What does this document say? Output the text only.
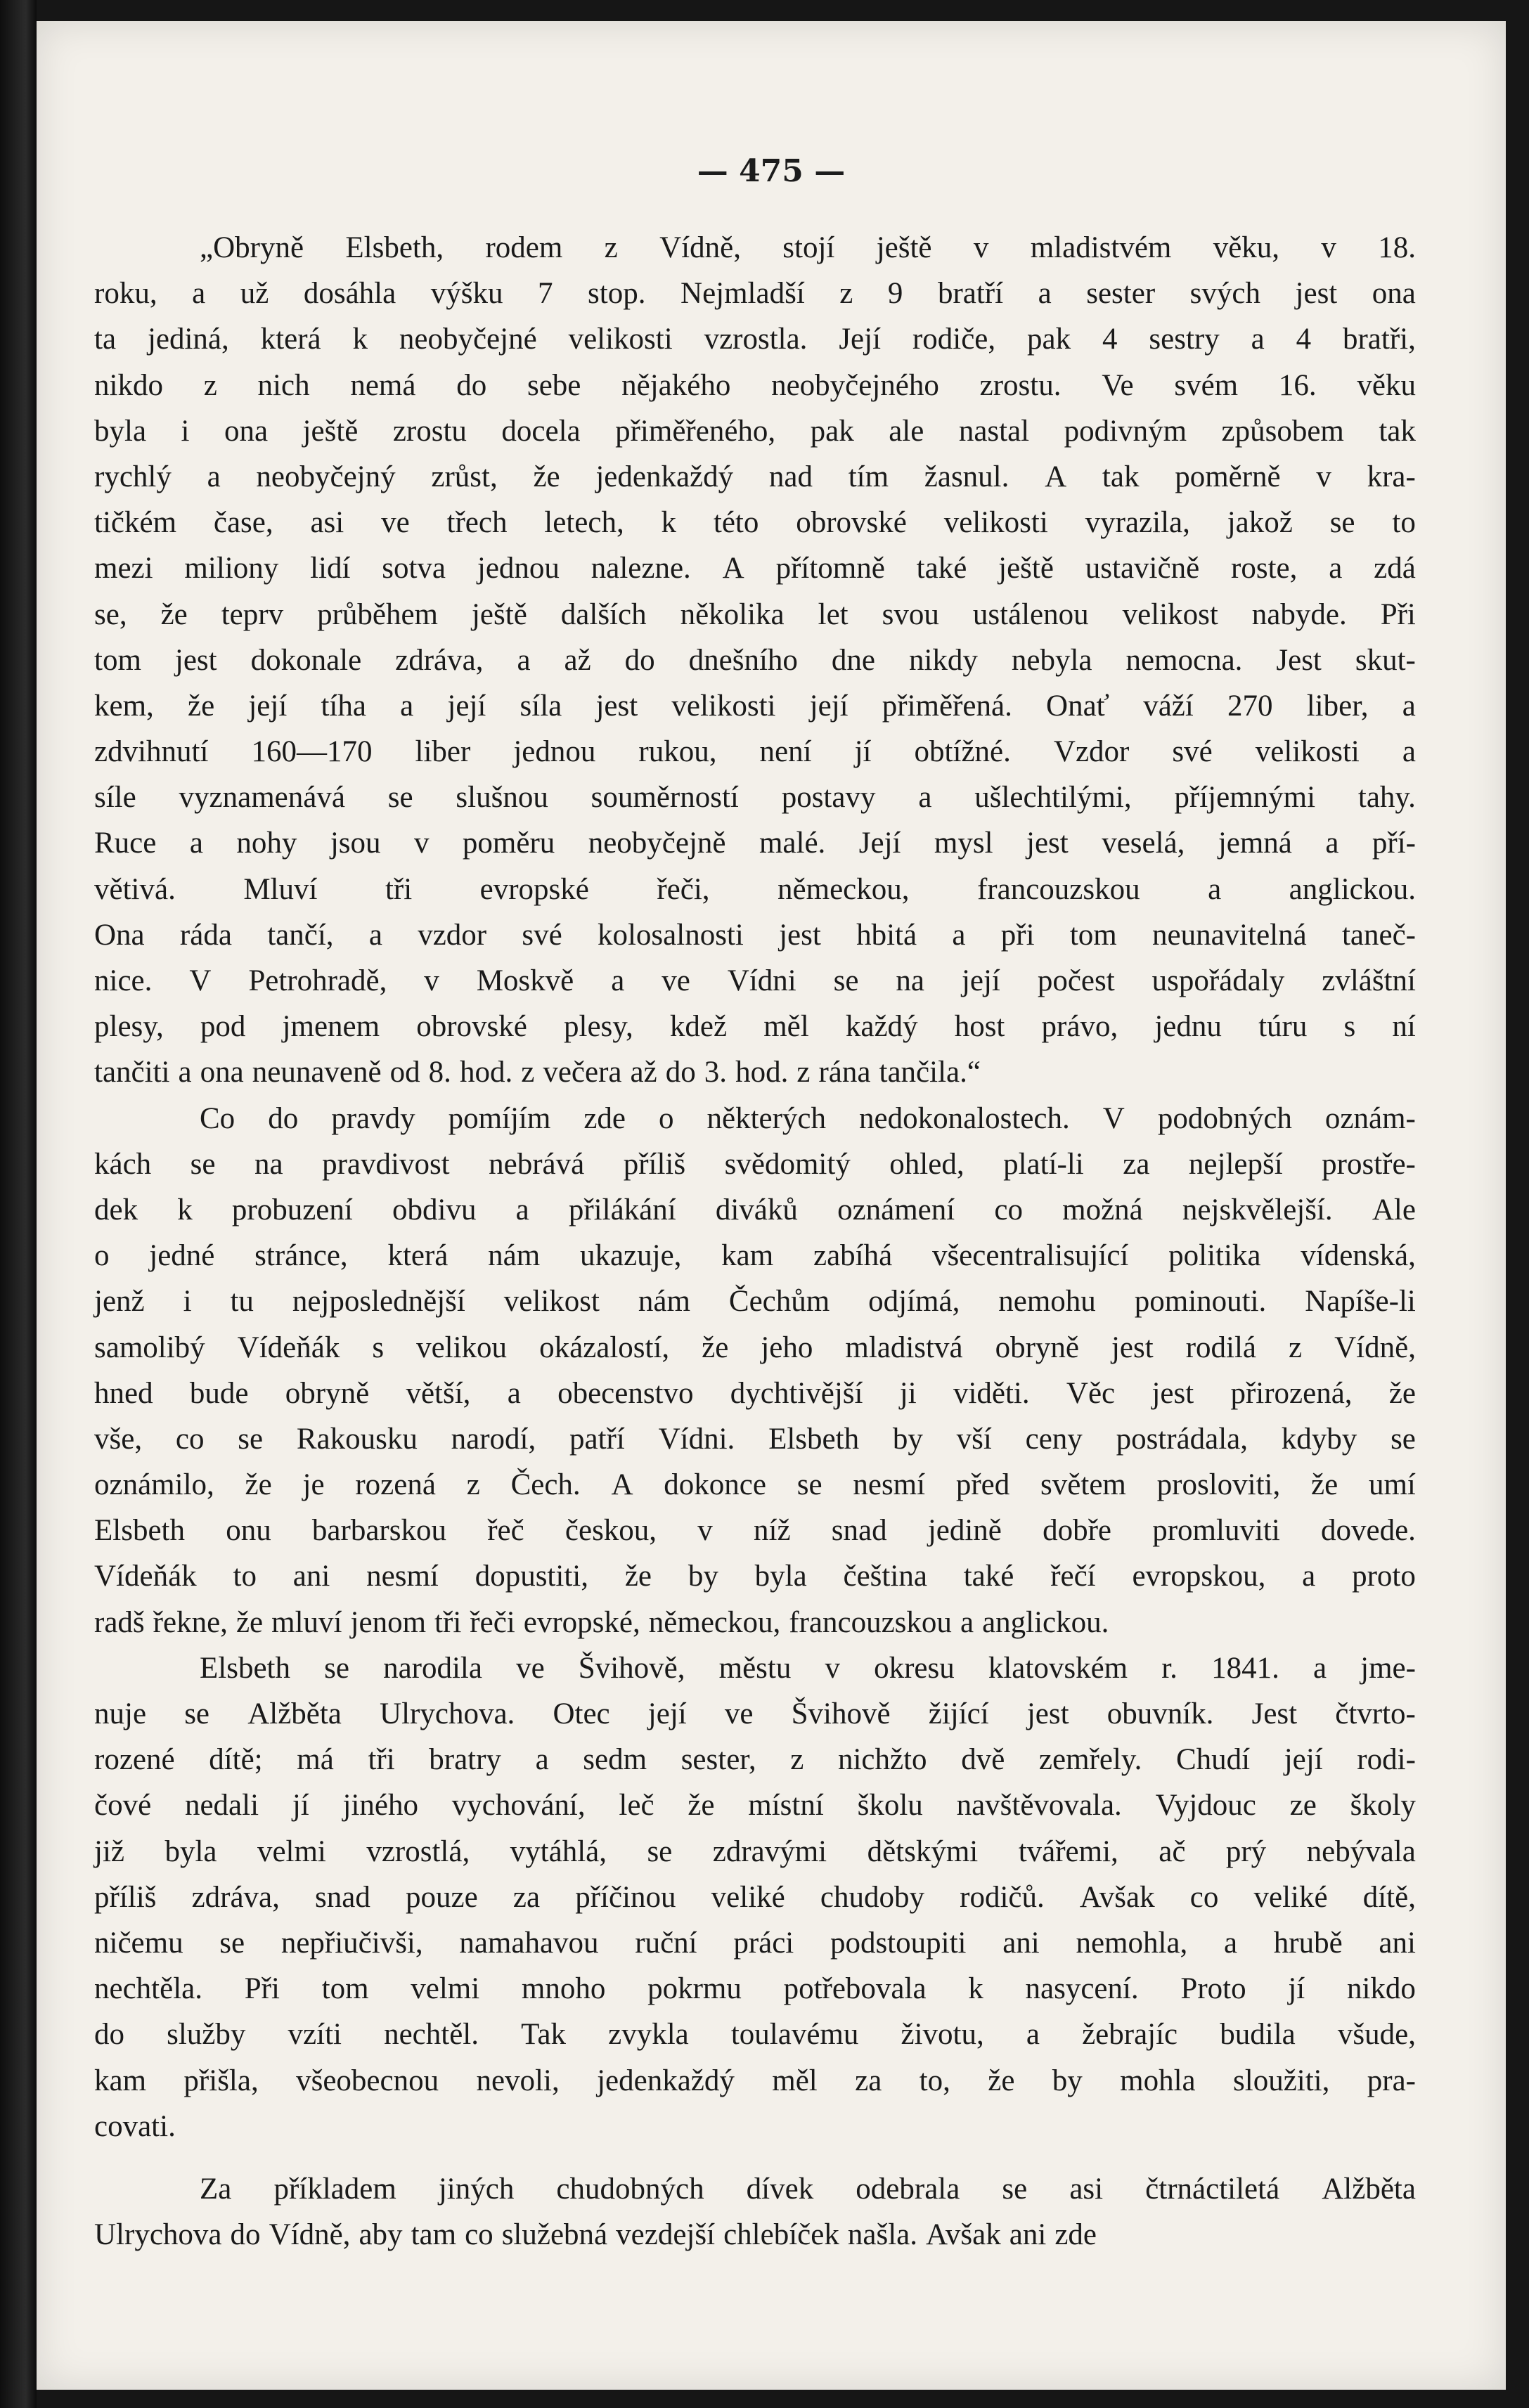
— 475 —
„Obryně Elsbeth, rodem z Vídně, stojí ještě v mladistvém věku, v 18.
roku, a už dosáhla výšku 7 stop. Nejmladší z 9 bratří a sester svých jest ona
ta jediná, která k neobyčejné velikosti vzrostla. Její rodiče, pak 4 sestry a 4 bratři,
nikdo z nich nemá do sebe nějakého neobyčejného zrostu. Ve svém 16. věku
byla i ona ještě zrostu docela přiměřeného, pak ale nastal podivným způsobem tak
rychlý a neobyčejný zrůst, že jedenkaždý nad tím žasnul. A tak poměrně v kra-
tičkém čase, asi ve třech letech, k této obrovské velikosti vyrazila, jakož se to
mezi miliony lidí sotva jednou nalezne. A přítomně také ještě ustavičně roste, a zdá
se, že teprv průběhem ještě dalších několika let svou ustálenou velikost nabyde. Při
tom jest dokonale zdráva, a až do dnešního dne nikdy nebyla nemocna. Jest skut-
kem, že její tíha a její síla jest velikosti její přiměřená. Onať váží 270 liber, a
zdvihnutí 160—170 liber jednou rukou, není jí obtížné. Vzdor své velikosti a
síle vyznamenává se slušnou souměrností postavy a ušlechtilými, příjemnými tahy.
Ruce a nohy jsou v poměru neobyčejně malé. Její mysl jest veselá, jemná a pří-
větivá. Mluví tři evropské řeči, německou, francouzskou a anglickou.
Ona ráda tančí, a vzdor své kolosalnosti jest hbitá a při tom neunavitelná taneč-
nice. V Petrohradě, v Moskvě a ve Vídni se na její počest uspořádaly zvláštní
plesy, pod jmenem obrovské plesy, kdež měl každý host právo, jednu túru s ní
tančiti a ona neunaveně od 8. hod. z večera až do 3. hod. z rána tančila.“
Co do pravdy pomíjím zde o některých nedokonalostech. V podobných oznám-
kách se na pravdivost nebrává příliš svědomitý ohled, platí-li za nejlepší prostře-
dek k probuzení obdivu a přilákání diváků oznámení co možná nejskvělejší. Ale
o jedné stránce, která nám ukazuje, kam zabíhá všecentralisující politika vídenská,
jenž i tu nejposlednější velikost nám Čechům odjímá, nemohu pominouti. Napíše-li
samolibý Vídeňák s velikou okázalostí, že jeho mladistvá obryně jest rodilá z Vídně,
hned bude obryně větší, a obecenstvo dychtivější ji viděti. Věc jest přirozená, že
vše, co se Rakousku narodí, patří Vídni. Elsbeth by vší ceny postrádala, kdyby se
oznámilo, že je rozená z Čech. A dokonce se nesmí před světem prosloviti, že umí
Elsbeth onu barbarskou řeč českou, v níž snad jedině dobře promluviti dovede.
Vídeňák to ani nesmí dopustiti, že by byla čeština také řečí evropskou, a proto
radš řekne, že mluví jenom tři řeči evropské, německou, francouzskou a anglickou.
Elsbeth se narodila ve Švihově, městu v okresu klatovském r. 1841. a jme-
nuje se Alžběta Ulrychova. Otec její ve Švihově žijící jest obuvník. Jest čtvrto-
rozené dítě; má tři bratry a sedm sester, z nichžto dvě zemřely. Chudí její rodi-
čové nedali jí jiného vychování, leč že místní školu navštěvovala. Vyjdouc ze školy
již byla velmi vzrostlá, vytáhlá, se zdravými dětskými tvářemi, ač prý nebývala
příliš zdráva, snad pouze za příčinou veliké chudoby rodičů. Avšak co veliké dítě,
ničemu se nepřiučivši, namahavou ruční práci podstoupiti ani nemohla, a hrubě ani
nechtěla. Při tom velmi mnoho pokrmu potřebovala k nasycení. Proto jí nikdo
do služby vzíti nechtěl. Tak zvykla toulavému životu, a žebrajíc budila všude,
kam přišla, všeobecnou nevoli, jedenkaždý měl za to, že by mohla sloužiti, pra-
covati.
Za příkladem jiných chudobných dívek odebrala se asi čtrnáctiletá Alžběta
Ulrychova do Vídně, aby tam co služebná vezdejší chlebíček našla. Avšak ani zde
